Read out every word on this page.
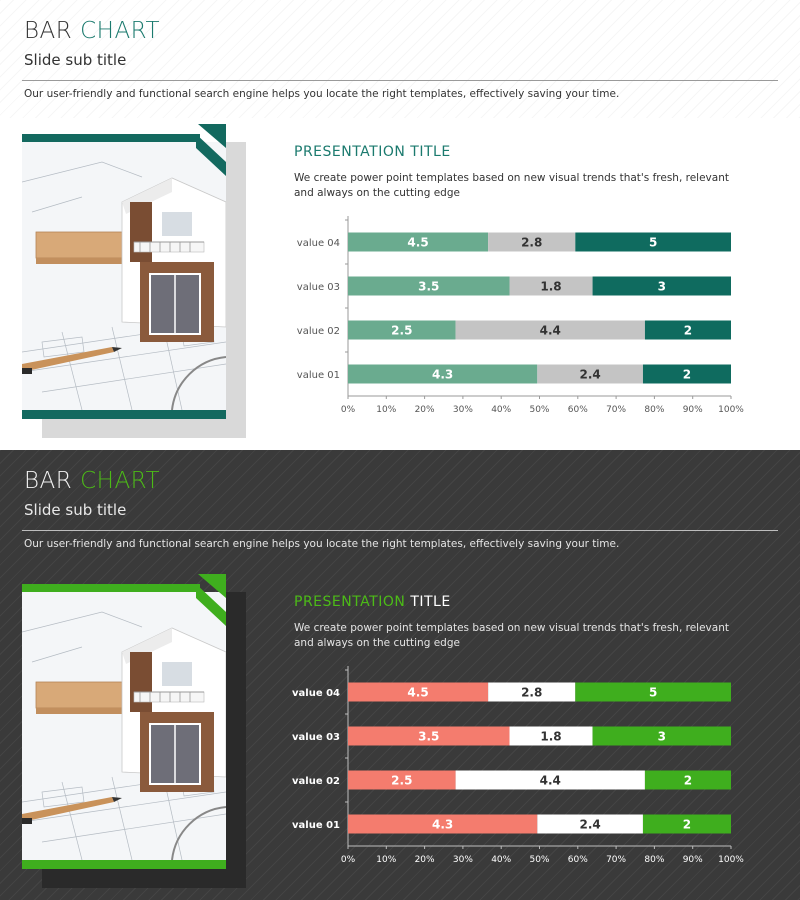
BAR CHART
Slide sub title
Our user-friendly and functional search engine helps you locate the right templates, effectively saving your time.
PRESENTATION TITLE
We create power point templates based on new visual trends that's fresh, relevant and always on the cutting edge
value 04	4.5	2.8	5
value 03	3.5	1.8	3
value 02	2.5	4.4	2
value 01	4.3	2.4	2
0% 10% 20% 30% 40% 50% 60% 70% 80% 90% 100%
BAR CHART
Slide sub title
Our user-friendly and functional search engine helps you locate the right templates, effectively saving your time.
PRESENTATION TITLE
We create power point templates based on new visual trends that's fresh, relevant and always on the cutting edge
value 04	4.5	2.8	5
value 03	3.5	1.8	3
value 02	2.5	4.4	2
value 01	4.3	2.4	2
0% 10% 20% 30% 40% 50% 60% 70% 80% 90% 100%
